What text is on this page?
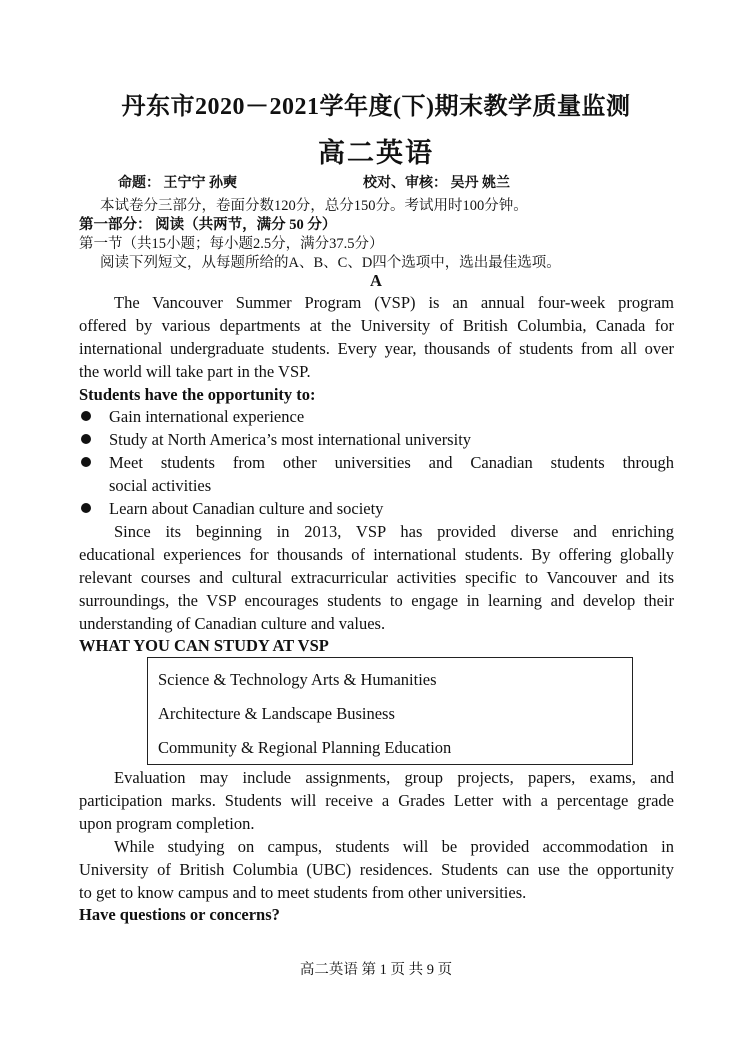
丹东市2020－2021学年度(下)期末教学质量监测
高二英语
命题： 王宁宁 孙奭	校对、审核： 吴丹 姚兰
本试卷分三部分，卷面分数120分，总分150分。考试用时100分钟。
第一部分： 阅读（共两节，满分 50 分）
第一节（共15小题；每小题2.5分，满分37.5分）
阅读下列短文，从每题所给的A、B、C、D四个选项中，选出最佳选项。
A
The Vancouver Summer Program (VSP) is an annual four-week program
offered by various departments at the University of British Columbia, Canada for
international undergraduate students. Every year, thousands of students from all over
the world will take part in the VSP.
Students have the opportunity to:
Gain international experience
Study at North America’s most international university
Meet students from other universities and Canadian students through
social activities
Learn about Canadian culture and society
Since its beginning in 2013, VSP has provided diverse and enriching
educational experiences for thousands of international students. By offering globally
relevant courses and cultural extracurricular activities specific to Vancouver and its
surroundings, the VSP encourages students to engage in learning and develop their
understanding of Canadian culture and values.
WHAT YOU CAN STUDY AT VSP
Science & Technology Arts & Humanities
Architecture & Landscape Business
Community & Regional Planning Education
Evaluation may include assignments, group projects, papers, exams, and
participation marks. Students will receive a Grades Letter with a percentage grade
upon program completion.
While studying on campus, students will be provided accommodation in
University of British Columbia (UBC) residences. Students can use the opportunity
to get to know campus and to meet students from other universities.
Have questions or concerns?
高二英语 第 1 页 共 9 页
